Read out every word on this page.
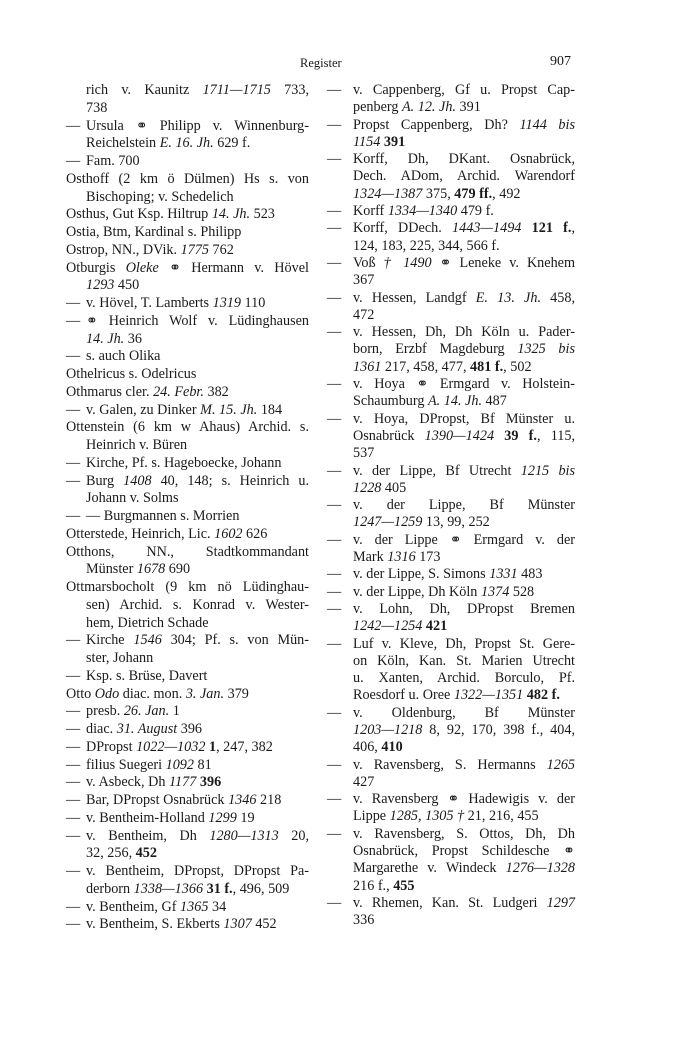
Register	907
rich v. Kaunitz 1711—1715 733,
738
— Ursula ⚭ Philipp v. Winnenburg-
Reichelstein E. 16. Jh. 629 f.
— Fam. 700
Osthoff (2 km ö Dülmen) Hs s. von
Bischoping; v. Schedelich
Osthus, Gut Ksp. Hiltrup 14. Jh. 523
Ostia, Btm, Kardinal s. Philipp
Ostrop, NN., DVik. 1775 762
Otburgis Oleke ⚭ Hermann v. Hövel
1293 450
— v. Hövel, T. Lamberts 1319 110
— ⚭ Heinrich Wolf v. Lüdinghausen
14. Jh. 36
— s. auch Olika
Othelricus s. Odelricus
Othmarus cler. 24. Febr. 382
— v. Galen, zu Dinker M. 15. Jh. 184
Ottenstein (6 km w Ahaus) Archid. s.
Heinrich v. Büren
— Kirche, Pf. s. Hageboecke, Johann
— Burg 1408 40, 148; s. Heinrich u.
Johann v. Solms
— — Burgmannen s. Morrien
Otterstede, Heinrich, Lic. 1602 626
Otthons, NN., Stadtkommandant
Münster 1678 690
Ottmarsbocholt (9 km nö Lüdinghau-
sen) Archid. s. Konrad v. Wester-
hem, Dietrich Schade
— Kirche 1546 304; Pf. s. von Mün-
ster, Johann
— Ksp. s. Brüse, Davert
Otto Odo diac. mon. 3. Jan. 379
— presb. 26. Jan. 1
— diac. 31. August 396
— DPropst 1022—1032 1, 247, 382
— filius Suegeri 1092 81
— v. Asbeck, Dh 1177 396
— Bar, DPropst Osnabrück 1346 218
— v. Bentheim-Holland 1299 19
— v. Bentheim, Dh 1280—1313 20,
32, 256, 452
— v. Bentheim, DPropst, DPropst Pa-
derborn 1338—1366 31 f., 496, 509
— v. Bentheim, Gf 1365 34
— v. Bentheim, S. Ekberts 1307 452
— v. Cappenberg, Gf u. Propst Cap-
penberg A. 12. Jh. 391
— Propst Cappenberg, Dh? 1144 bis
1154 391
— Korff, Dh, DKant. Osnabrück,
Dech. ADom, Archid. Warendorf
1324—1387 375, 479 ff., 492
— Korff 1334—1340 479 f.
— Korff, DDech. 1443—1494 121 f.,
124, 183, 225, 344, 566 f.
— Voß † 1490 ⚭ Leneke v. Knehem
367
— v. Hessen, Landgf E. 13. Jh. 458,
472
— v. Hessen, Dh, Dh Köln u. Pader-
born, Erzbf Magdeburg 1325 bis
1361 217, 458, 477, 481 f., 502
— v. Hoya ⚭ Ermgard v. Holstein-
Schaumburg A. 14. Jh. 487
— v. Hoya, DPropst, Bf Münster u.
Osnabrück 1390—1424 39 f., 115,
537
— v. der Lippe, Bf Utrecht 1215 bis
1228 405
— v. der Lippe, Bf Münster
1247—1259 13, 99, 252
— v. der Lippe ⚭ Ermgard v. der
Mark 1316 173
— v. der Lippe, S. Simons 1331 483
— v. der Lippe, Dh Köln 1374 528
— v. Lohn, Dh, DPropst Bremen
1242—1254 421
— Luf v. Kleve, Dh, Propst St. Gere-
on Köln, Kan. St. Marien Utrecht
u. Xanten, Archid. Borculo, Pf.
Roesdorf u. Oree 1322—1351 482 f.
— v. Oldenburg, Bf Münster
1203—1218 8, 92, 170, 398 f., 404,
406, 410
— v. Ravensberg, S. Hermanns 1265
427
— v. Ravensberg ⚭ Hadewigis v. der
Lippe 1285, 1305 † 21, 216, 455
— v. Ravensberg, S. Ottos, Dh, Dh
Osnabrück, Propst Schildesche ⚭
Margarethe v. Windeck 1276—1328
216 f., 455
— v. Rhemen, Kan. St. Ludgeri 1297
336
